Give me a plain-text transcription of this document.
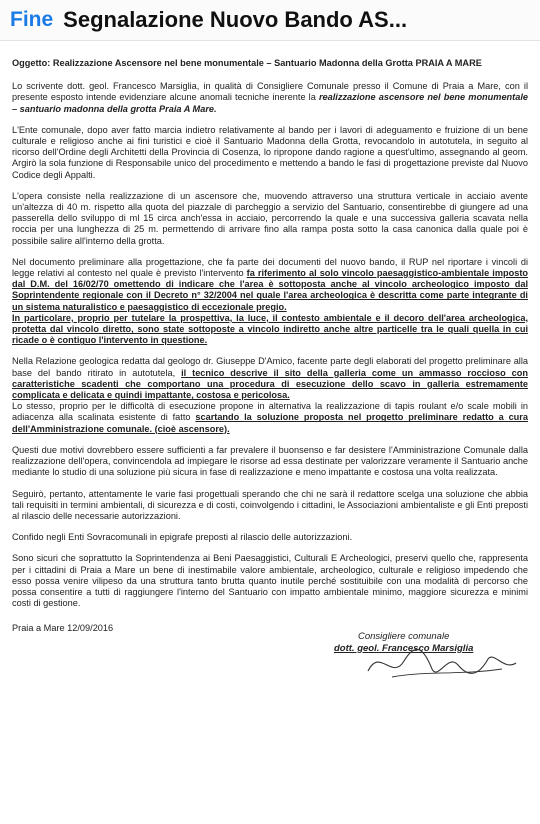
Fine Segnalazione Nuovo Bando AS...

Oggetto: Realizzazione Ascensore nel bene monumentale – Santuario Madonna della Grotta PRAIA A MARE

Lo scrivente dott. geol. Francesco Marsiglia, in qualità di Consigliere Comunale presso il Comune di Praia a Mare, con il presente esposto intende evidenziare alcune anomali tecniche inerente la realizzazione ascensore nel bene monumentale – santuario madonna della grotta Praia A Mare.

L'Ente comunale, dopo aver fatto marcia indietro relativamente al bando per i lavori di adeguamento e fruizione di un bene culturale e religioso anche ai fini turistici e cioè il Santuario Madonna della Grotta, revocandolo in autotutela, in seguito al ricorso dell'Ordine degli Architetti della Provincia di Cosenza, lo ripropone dando ragione a quest'ultimo, assegnando al geom. Argirò la sola funzione di Responsabile unico del procedimento e mettendo a bando le fasi di progettazione previste dal Nuovo Codice degli Appalti.

L'opera consiste nella realizzazione di un ascensore che, muovendo attraverso una struttura verticale in acciaio avente un'altezza di 40 m. rispetto alla quota del piazzale di parcheggio a servizio del Santuario, consentirebbe di giungere ad una passerella dello sviluppo di ml 15 circa anch'essa in acciaio, percorrendo la quale e una successiva galleria scavata nella roccia per una lunghezza di 25 m. permettendo di arrivare fino alla rampa posta sotto la casa canonica dalla quale poi è possibile salire all'interno della grotta.

Nel documento preliminare alla progettazione, che fa parte dei documenti del nuovo bando, il RUP nel riportare i vincoli di legge relativi al contesto nel quale è previsto l'intervento fa riferimento al solo vincolo paesaggistico-ambientale imposto dal D.M. del 16/02/70 omettendo di indicare che l'area è sottoposta anche al vincolo archeologico imposto dal Soprintendente regionale con il Decreto n° 32/2004 nel quale l'area archeologica è descritta come parte integrante di un sistema naturalistico e paesaggistico di eccezionale pregio.
In particolare, proprio per tutelare la prospettiva, la luce, il contesto ambientale e il decoro dell'area archeologica, protetta dal vincolo diretto, sono state sottoposte a vincolo indiretto anche altre particelle tra le quali quella in cui ricade o è contiguo l'intervento in questione.

Nella Relazione geologica redatta dal geologo dr. Giuseppe D'Amico, facente parte degli elaborati del progetto preliminare alla base del bando ritirato in autotutela, il tecnico descrive il sito della galleria come un ammasso roccioso con caratteristiche scadenti che comportano una procedura di esecuzione dello scavo in galleria estremamente complicata e delicata e quindi impattante, costosa e pericolosa.
Lo stesso, proprio per le difficoltà di esecuzione propone in alternativa la realizzazione di tapis roulant e/o scale mobili in adiacenza alla scalinata esistente di fatto scartando la soluzione proposta nel progetto preliminare redatto a cura dell'Amministrazione comunale. (cioè ascensore).

Questi due motivi dovrebbero essere sufficienti a far prevalere il buonsenso e far desistere l'Amministrazione Comunale dalla realizzazione dell'opera, convincendola ad impiegare le risorse ad essa destinate per valorizzare veramente il Santuario anche mediante lo studio di una soluzione più sicura in fase di realizzazione e meno impattante e costosa una volta realizzata.

Seguirò, pertanto, attentamente le varie fasi progettuali sperando che chi ne sarà il redattore scelga una soluzione che abbia tali requisiti in termini ambientali, di sicurezza e di costi, coinvolgendo i cittadini, le Associazioni ambientaliste e gli Enti preposti al rilascio delle necessarie autorizzazioni.

Confido negli Enti Sovracomunali in epigrafe preposti al rilascio delle autorizzazioni.

Sono sicuri che soprattutto la Soprintendenza ai Beni Paesaggistici, Culturali E Archeologici, preservi quello che, rappresenta per i cittadini di Praia a Mare un bene di inestimabile valore ambientale, archeologico, culturale e religioso impedendo che esso possa venire vilipeso da una struttura tanto brutta quanto inutile perché sostituibile con una modalità di percorso che possa consentire a tutti di raggiungere l'interno del Santuario con impatto ambientale minimo, maggiore sicurezza e minimi costi di gestione.

Praia a Mare 12/09/2016
Consigliere comunale
dott. geol. Francesco Marsiglia
